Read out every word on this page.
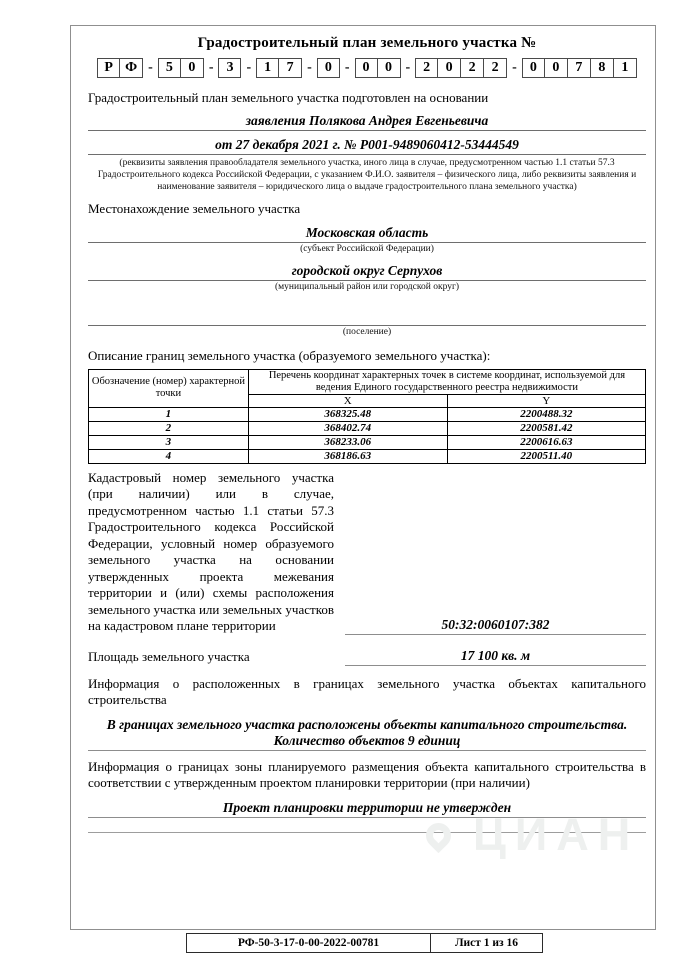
Градостроительный план земельного участка №
Р Ф - 5	0 - 3 - 1	7 - 0 - 0	0 - 2	0	2	2 - 0	0	7	8	1
Градостроительный план земельного участка подготовлен на основании
заявления Полякова Андрея Евгеньевича
от 27 декабря 2021 г. № Р001-9489060412-53444549
(реквизиты заявления правообладателя земельного участка, иного лица в случае, предусмотренном частью 1.1 статьи 57.3 Градостроительного кодекса Российской Федерации, с указанием Ф.И.О. заявителя – физического лица, либо реквизиты заявления и наименование заявителя – юридического лица о выдаче градостроительного плана земельного участка)
Местонахождение земельного участка
Московская область
(субъект Российской Федерации)
городской округ Серпухов
(муниципальный район или городской округ)
(поселение)
Описание границ земельного участка (образуемого земельного участка):
Обозначение (номер) характерной точки	Перечень координат характерных точек в системе координат, используемой для ведения Единого государственного реестра недвижимости	
	X	Y
1	368325.48	2200488.32
2	368402.74	2200581.42
3	368233.06	2200616.63
4	368186.63	2200511.40
Кадастровый номер земельного участка (при наличии) или в случае, предусмотренном частью 1.1 статьи 57.3 Градостроительного кодекса Российской Федерации, условный номер образуемого земельного участка на основании утвержденных проекта межевания территории и (или) схемы расположения земельного участка или земельных участков на кадастровом плане территории	50:32:0060107:382
Площадь земельного участка	17 100 кв. м
Информация о расположенных в границах земельного участка объектах капитального строительства
В границах земельного участка расположены объекты капитального строительства.
Количество объектов 9 единиц
Информация о границах зоны планируемого размещения объекта капитального строительства в соответствии с утвержденным проектом планировки территории (при наличии)
Проект планировки территории не утвержден
ЦИАН
РФ-50-3-17-0-00-2022-00781	Лист 1 из 16
